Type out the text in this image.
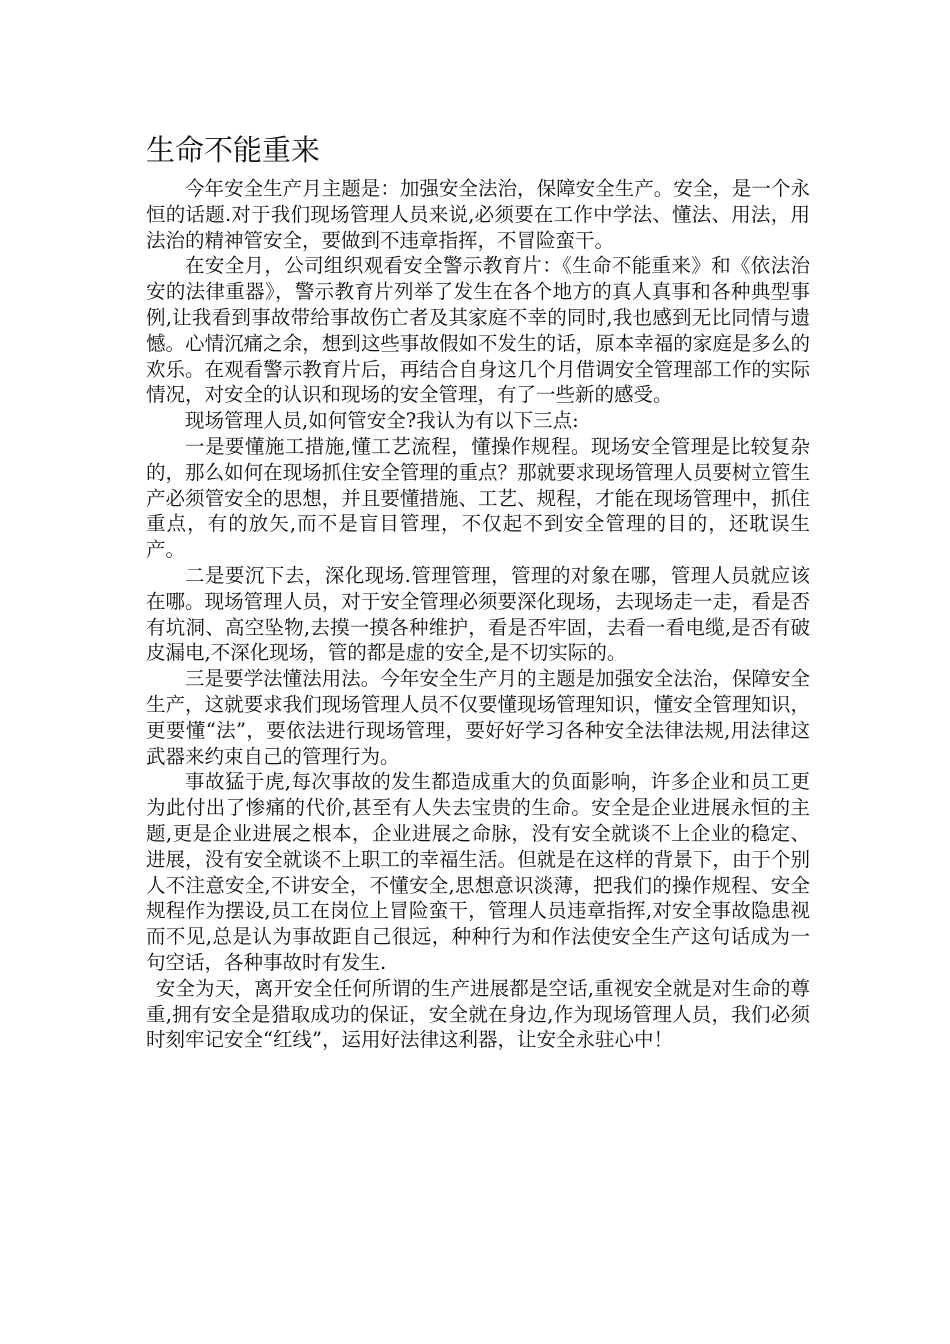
生命不能重来

今年安全生产月主题是：加强安全法治，保障安全生产。安全，是一个永恒的话题.对于我们现场管理人员来说,必须要在工作中学法、懂法、用法，用法治的精神管安全，要做到不违章指挥，不冒险蛮干。

在安全月，公司组织观看安全警示教育片：《生命不能重来》和《依法治安的法律重器》，警示教育片列举了发生在各个地方的真人真事和各种典型事例,让我看到事故带给事故伤亡者及其家庭不幸的同时,我也感到无比同情与遗憾。心情沉痛之余，想到这些事故假如不发生的话，原本幸福的家庭是多么的欢乐。在观看警示教育片后，再结合自身这几个月借调安全管理部工作的实际情况，对安全的认识和现场的安全管理，有了一些新的感受。

现场管理人员,如何管安全?我认为有以下三点:

一是要懂施工措施,懂工艺流程，懂操作规程。现场安全管理是比较复杂的，那么如何在现场抓住安全管理的重点？那就要求现场管理人员要树立管生产必须管安全的思想，并且要懂措施、工艺、规程，才能在现场管理中，抓住重点，有的放矢,而不是盲目管理，不仅起不到安全管理的目的，还耽误生产。

二是要沉下去，深化现场.管理管理，管理的对象在哪，管理人员就应该在哪。现场管理人员，对于安全管理必须要深化现场，去现场走一走，看是否有坑洞、高空坠物,去摸一摸各种维护，看是否牢固，去看一看电缆,是否有破皮漏电,不深化现场，管的都是虚的安全,是不切实际的。

三是要学法懂法用法。今年安全生产月的主题是加强安全法治，保障安全生产，这就要求我们现场管理人员不仅要懂现场管理知识，懂安全管理知识，更要懂“法”，要依法进行现场管理，要好好学习各种安全法律法规,用法律这武器来约束自己的管理行为。

事故猛于虎,每次事故的发生都造成重大的负面影响，许多企业和员工更为此付出了惨痛的代价,甚至有人失去宝贵的生命。安全是企业进展永恒的主题,更是企业进展之根本，企业进展之命脉，没有安全就谈不上企业的稳定、进展，没有安全就谈不上职工的幸福生活。但就是在这样的背景下，由于个别人不注意安全,不讲安全，不懂安全,思想意识淡薄，把我们的操作规程、安全规程作为摆设,员工在岗位上冒险蛮干，管理人员违章指挥,对安全事故隐患视而不见,总是认为事故距自己很远，种种行为和作法使安全生产这句话成为一句空话，各种事故时有发生.

安全为天，离开安全任何所谓的生产进展都是空话,重视安全就是对生命的尊重,拥有安全是猎取成功的保证，安全就在身边,作为现场管理人员，我们必须时刻牢记安全“红线”，运用好法律这利器，让安全永驻心中！
